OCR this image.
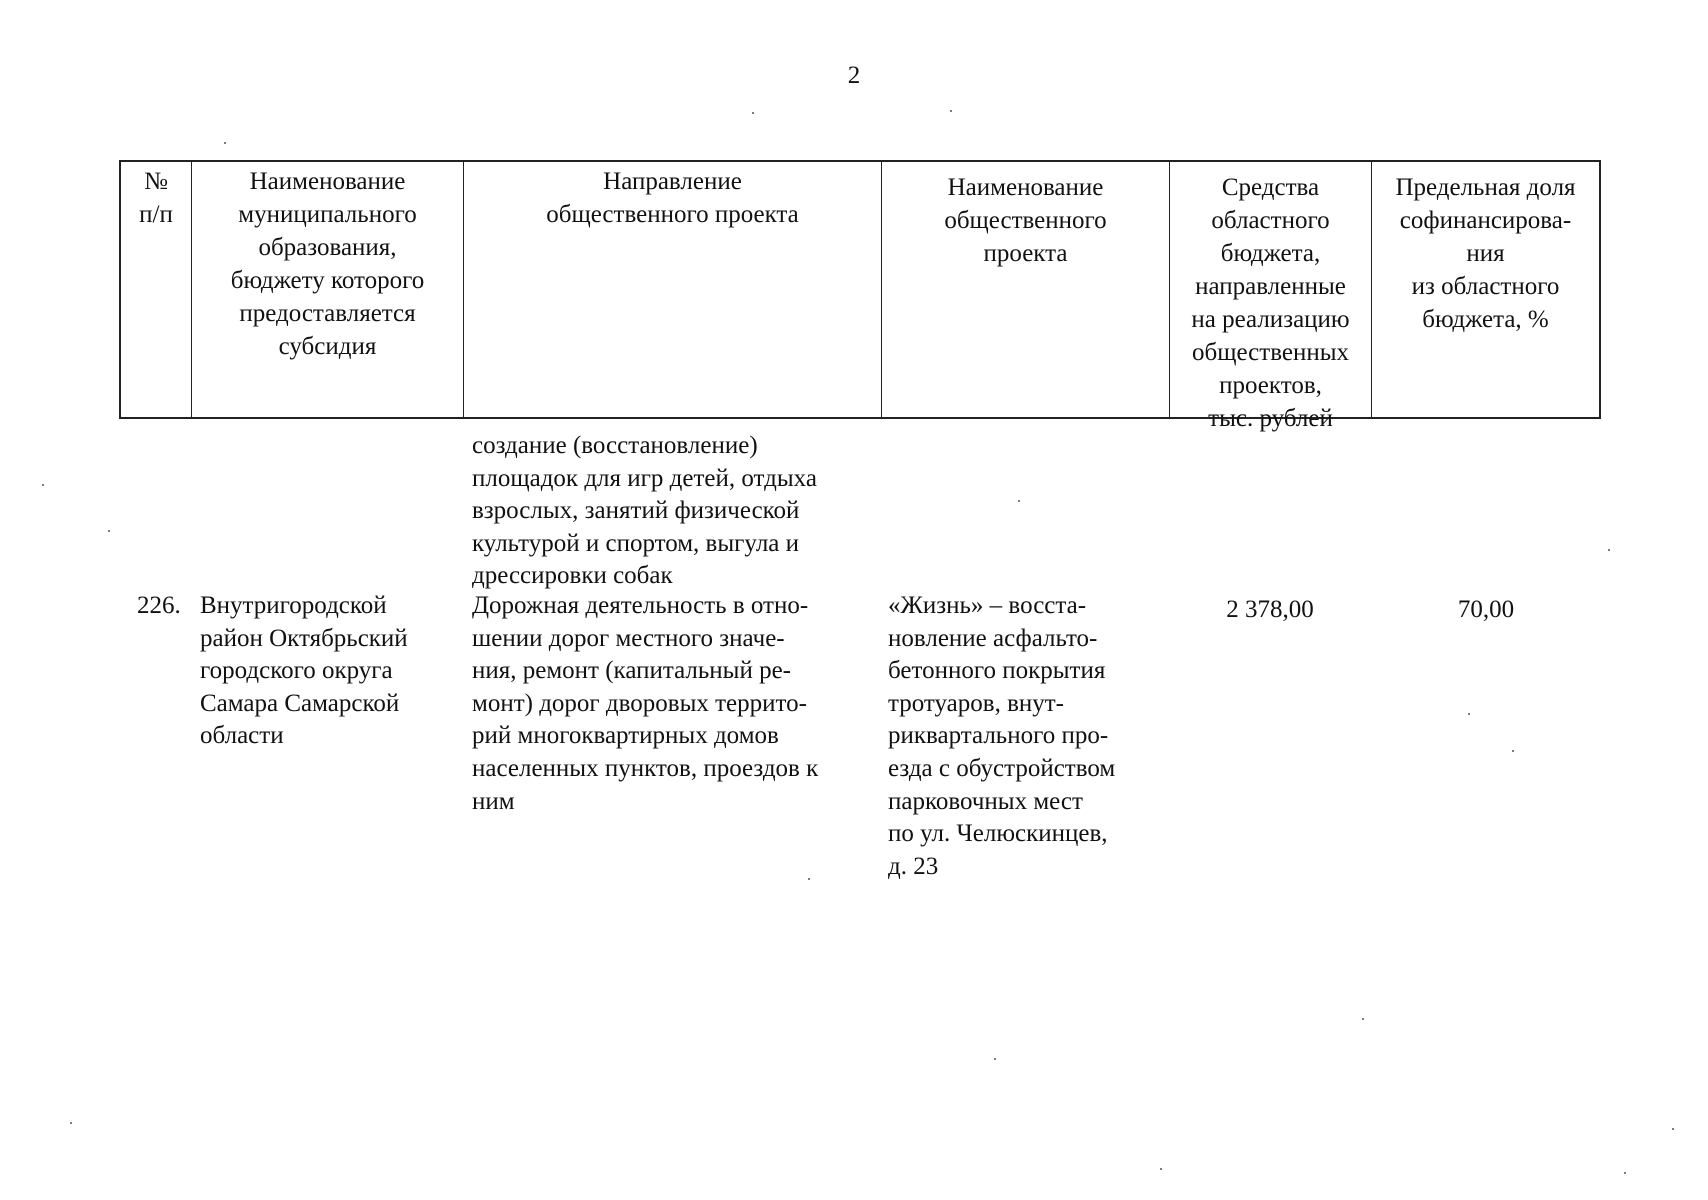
2
№
п/п
Наименование
муниципального
образования,
бюджету которого
предоставляется
субсидия
Направление
общественного проекта
Наименование
общественного
проекта
Средства
областного
бюджета,
направленные
на реализацию
общественных
проектов,
тыс. рублей
Предельная доля
софинансирова-
ния
из областного
бюджета, %
создание (восстановление)
площадок для игр детей, отдыха
взрослых, занятий физической
культурой и спортом, выгула и
дрессировки собак
226. Внутригородской
район Октябрьский
городского округа
Самара Самарской
области
Дорожная деятельность в отно-
шении дорог местного значе-
ния, ремонт (капитальный ре-
монт) дорог дворовых террито-
рий многоквартирных домов
населенных пунктов, проездов к
ним
«Жизнь» – восста-
новление асфальто-
бетонного покрытия
тротуаров, внут-
риквартального про-
езда с обустройством
парковочных мест
по ул. Челюскинцев,
д. 23
2 378,00	70,00
